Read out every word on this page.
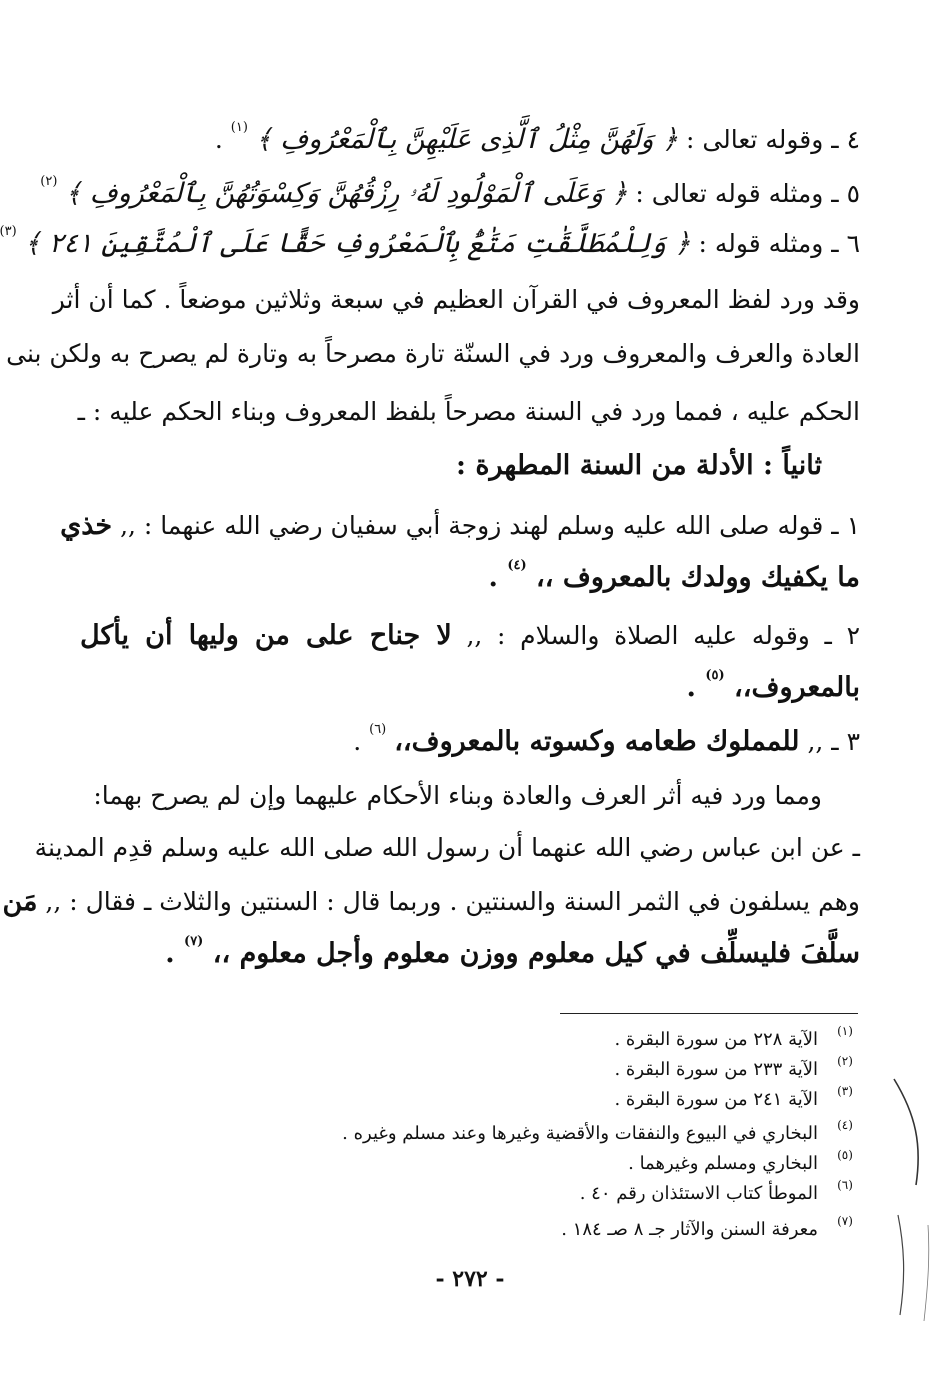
٤ ـ وقوله تعالى : ﴿ وَلَهُنَّ مِثْلُ ٱلَّذِى عَلَيْهِنَّ بِٱلْمَعْرُوفِ ﴾ $^{(١)}$ .
٥ ـ ومثله قوله تعالى : ﴿ وَعَلَى ٱلْمَوْلُودِ لَهُۥ رِزْقُهُنَّ وَكِسْوَتُهُنَّ بِٱلْمَعْرُوفِ ﴾ $^{(٢)}$
٦ ـ ومثله قوله : ﴿ وَلِلْمُطَلَّقَٰتِ مَتَٰعٌۢ بِٱلْمَعْرُوفِ حَقًّا عَلَى ٱلْمُتَّقِينَ ٢٤١ ﴾ $^{(٣)}$
وقد ورد لفظ المعروف في القرآن العظيم في سبعة وثلاثين موضعاً . كما أن أثر
العادة والعرف والمعروف ورد في السنّة تارة مصرحاً به وتارة لم يصرح به ولكن بنى
الحكم عليه ، فمما ورد في السنة مصرحاً بلفظ المعروف وبناء الحكم عليه : ـ
ثانياً : الأدلة من السنة المطهرة :
١ ـ قوله صلى الله عليه وسلم لهند زوجة أبي سفيان رضي الله عنهما : ,, خذي
ما يكفيك وولدك بالمعروف ،، $^{(٤)}$ .
٢ ـ وقوله عليه الصلاة والسلام : ,, لا جناح على من وليها أن يأكل
بالمعروف،، $^{(٥)}$ .
٣ ـ ,, للمملوك طعامه وكسوته بالمعروف،، $^{(٦)}$ .
ومما ورد فيه أثر العرف والعادة وبناء الأحكام عليهما وإن لم يصرح بهما:
ـ عن ابن عباس رضي الله عنهما أن رسول الله صلى الله عليه وسلم قدِم المدينة
وهم يسلفون في الثمر السنة والسنتين . وربما قال : السنتين والثلاث ـ فقال : ,, مَن
سلَّفَ فليسلِّف في كيل معلوم ووزن معلوم وأجل معلوم ،، $^{(٧)}$ .
(١)
الآية ٢٢٨ من سورة البقرة .
(٢)
الآية ٢٣٣ من سورة البقرة .
(٣)
الآية ٢٤١ من سورة البقرة .
(٤)
البخاري في البيوع والنفقات والأقضية وغيرها وعند مسلم وغيره .
(٥)
البخاري ومسلم وغيرهما .
(٦)
الموطأ كتاب الاستئذان رقم ٤٠ .
(٧)
معرفة السنن والآثار جـ ٨ صـ ١٨٤ .
- ٢٧٢ -
